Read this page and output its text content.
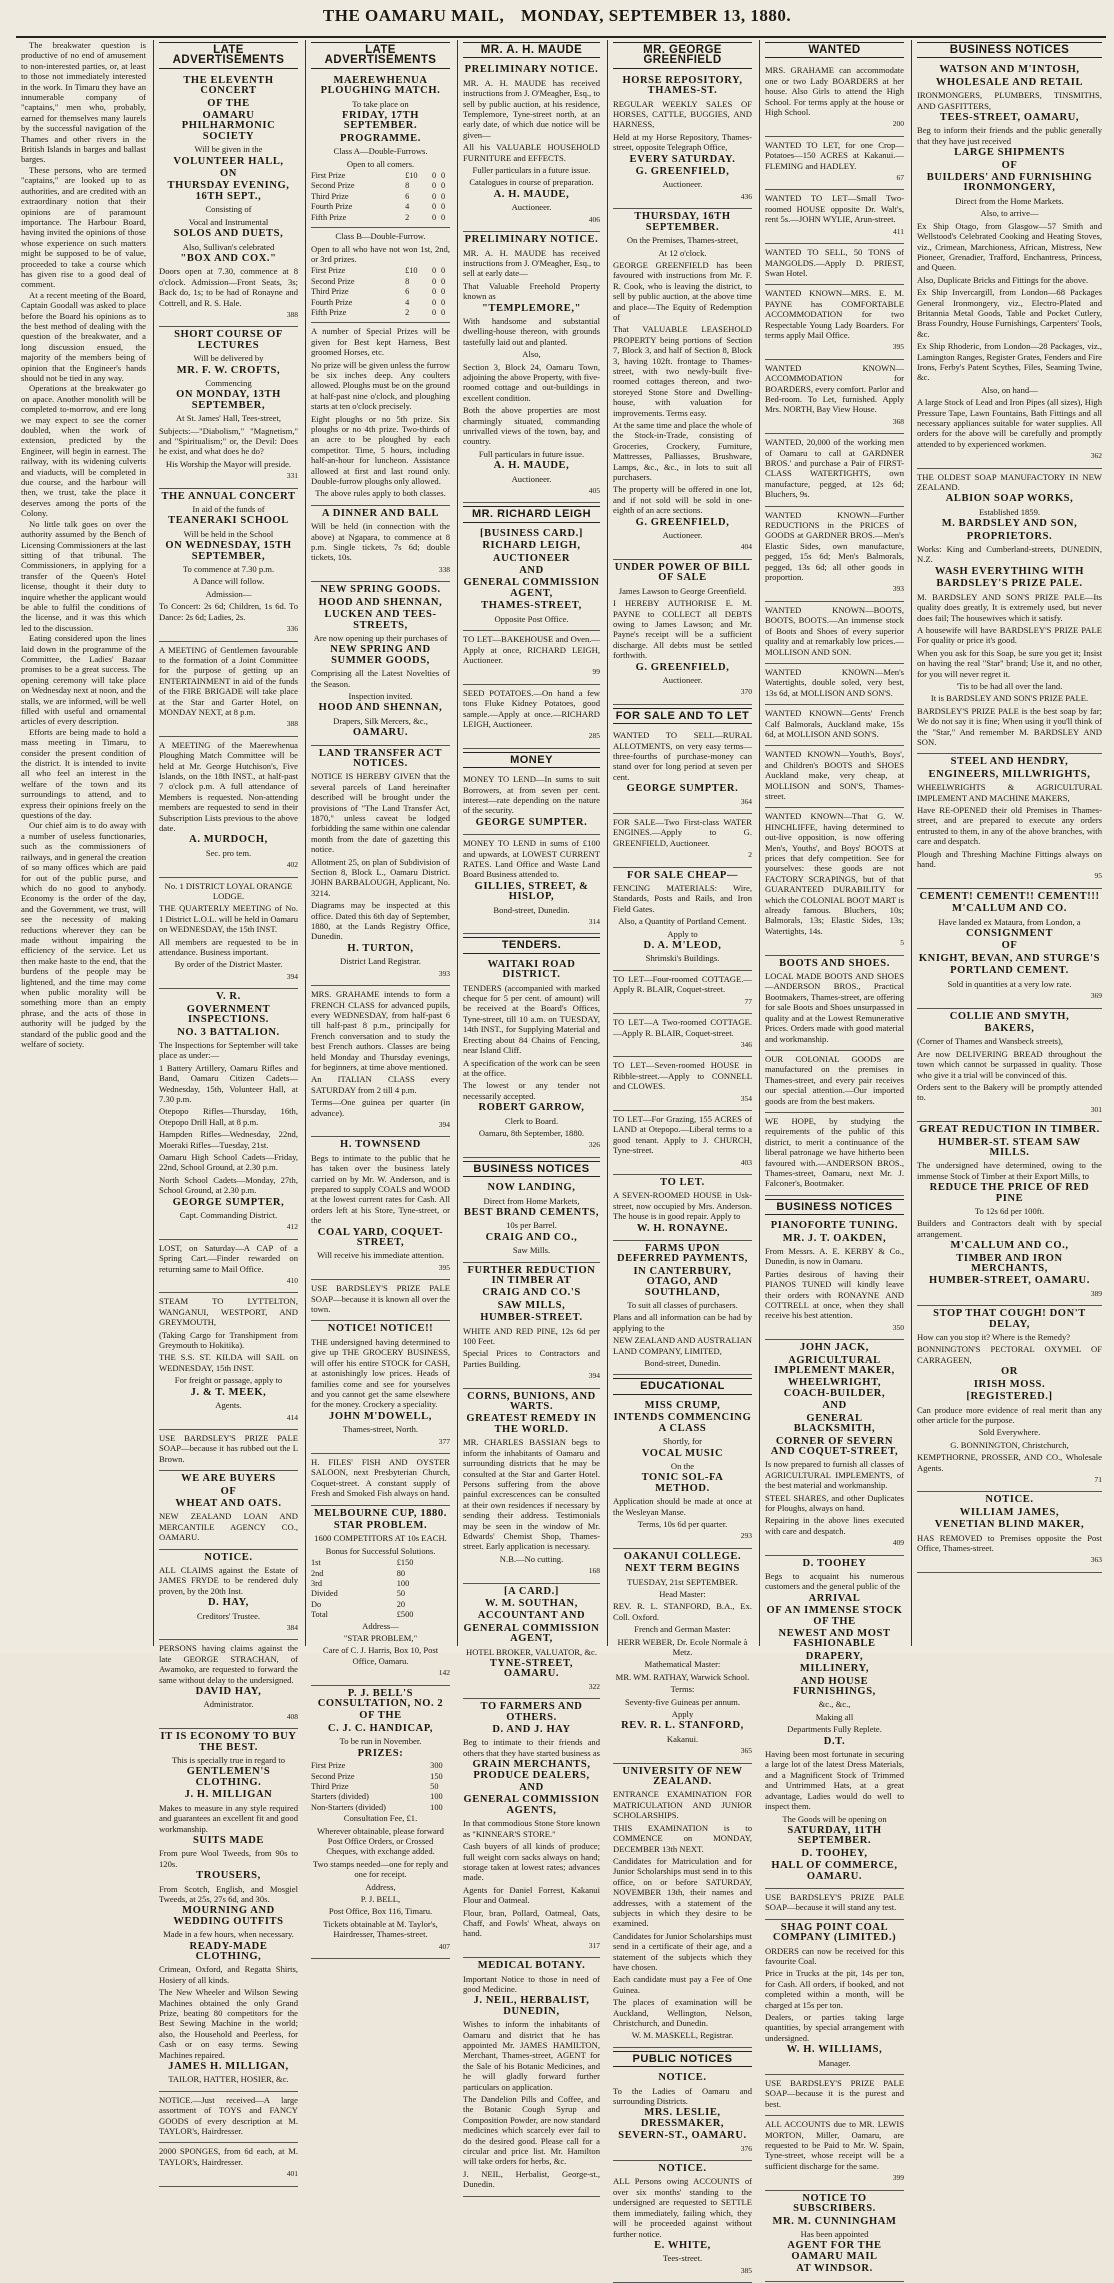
THE OAMARU MAIL, MONDAY, SEPTEMBER 13, 1880.

The breakwater question is productive of no end of amusement to non-interested parties, or, at least to those not immediately interested in the work. In Timaru they have an innumerable company of "captains," men who, probably, earned for themselves many laurels by the successful navigation of the Thames and other rivers in the British Islands in barges and ballast barges.

These persons, who are termed "captains," are looked up to as authorities, and are credited with an extraordinary notion that their opinions are of paramount importance. The Harbour Board, having invited the opinions of those whose experience on such matters might be supposed to be of value, proceeded to take a course which has given rise to a good deal of comment.

At a recent meeting of the Board, Captain Goodall was asked to place before the Board his opinions as to the best method of dealing with the question of the breakwater, and a long discussion ensued, the majority of the members being of opinion that the Engineer's hands should not be tied in any way.

Operations at the breakwater go on apace. Another monolith will be completed to-morrow, and ere long we may expect to see the corner doubled, when the work of extension, predicted by the Engineer, will begin in earnest. The railway, with its widening culverts and viaducts, will be completed in due course, and the harbour will then, we trust, take the place it deserves among the ports of the Colony.

No little talk goes on over the authority assumed by the Bench of Licensing Commissioners at the last sitting of that tribunal. The Commissioners, in applying for a transfer of the Queen's Hotel license, thought it their duty to inquire whether the applicant would be able to fulfil the conditions of the license, and it was this which led to the discussion.

Eating considered upon the lines laid down in the programme of the Committee, the Ladies' Bazaar promises to be a great success. The opening ceremony will take place on Wednesday next at noon, and the stalls, we are informed, will be well filled with useful and ornamental articles of every description.

Efforts are being made to hold a mass meeting in Timaru, to consider the present condition of the district. It is intended to invite all who feel an interest in the welfare of the town and its surroundings to attend, and to express their opinions freely on the questions of the day.

Our chief aim is to do away with a number of useless functionaries, such as the commissioners of railways, and in general the creation of so many offices which are paid for out of the public purse, and which do no good to anybody. Economy is the order of the day, and the Government, we trust, will see the necessity of making reductions wherever they can be made without impairing the efficiency of the service. Let us then make haste to the end, that the burdens of the people may be lightened, and the time may come when public morality will be something more than an empty phrase, and the acts of those in authority will be judged by the standard of the public good and the welfare of society.

LATE ADVERTISEMENTS

THE ELEVENTH CONCERT

OF THE

OAMARU PHILHARMONIC SOCIETY

Will be given in the

VOLUNTEER HALL,

ON

THURSDAY EVENING, 16TH SEPT.,

Consisting of

Vocal and Instrumental

SOLOS AND DUETS,

Also, Sullivan's celebrated

"BOX AND COX."

Doors open at 7.30, commence at 8 o'clock. Admission—Front Seats, 3s; Back do, 1s; to be had of Ronayne and Cottrell, and R. S. Hale.

388

SHORT COURSE OF LECTURES

Will be delivered by

MR. F. W. CROFTS,

Commencing

ON MONDAY, 13TH SEPTEMBER,

At St. James' Hall, Tees-street,

Subjects:—"Diabolism," "Magnetism," and "Spiritualism;" or, the Devil: Does he exist, and what does he do?

His Worship the Mayor will preside.

331

THE ANNUAL CONCERT

In aid of the funds of

TEANERAKI SCHOOL

Will be held in the School

ON WEDNESDAY, 15TH SEPTEMBER,

To commence at 7.30 p.m.

A Dance will follow.

Admission—

To Concert: 2s 6d; Children, 1s 6d. To Dance: 2s 6d; Ladies, 2s.

336

A MEETING of Gentlemen favourable to the formation of a Joint Committee for the purpose of getting up an ENTERTAINMENT in aid of the funds of the FIRE BRIGADE will take place at the Star and Garter Hotel, on MONDAY NEXT, at 8 p.m.

388

A MEETING of the Maerewhenua Ploughing Match Committee will be held at Mr. George Hutchison's, Five Islands, on the 18th INST., at half-past 7 o'clock p.m. A full attendance of Members is requested. Non-attending members are requested to send in their Subscription Lists previous to the above date.

A. MURDOCH,

Sec. pro tem.

402

No. 1 DISTRICT LOYAL ORANGE LODGE.

THE QUARTERLY MEETING of No. 1 District L.O.L. will be held in Oamaru on WEDNESDAY, the 15th INST.

All members are requested to be in attendance. Business important.

By order of the District Master.

394

V. R.

GOVERNMENT INSPECTIONS.

NO. 3 BATTALION.

The Inspections for September will take place as under:—

1 Battery Artillery, Oamaru Rifles and Band, Oamaru Citizen Cadets—Wednesday, 15th, Volunteer Hall, at 7.30 p.m.

Otepopo Rifles—Thursday, 16th, Otepopo Drill Hall, at 8 p.m.

Hampden Rifles—Wednesday, 22nd, Moeraki Rifles—Tuesday, 21st.

Oamaru High School Cadets—Friday, 22nd, School Ground, at 2.30 p.m.

North School Cadets—Monday, 27th, School Ground, at 2.30 p.m.

GEORGE SUMPTER,

Capt. Commanding District.

412

LOST, on Saturday—A CAP of a Spring Cart.—Finder rewarded on returning same to Mail Office.

410

STEAM TO LYTTELTON, WANGANUI, WESTPORT, AND GREYMOUTH,

(Taking Cargo for Transhipment from Greymouth to Hokitika).

THE S.S. ST. KILDA will SAIL on WEDNESDAY, 15th INST.

For freight or passage, apply to

J. & T. MEEK,

Agents.

414

USE BARDSLEY'S PRIZE PALE SOAP—because it has rubbed out the L Brown.

WE ARE BUYERS

OF

WHEAT AND OATS.

NEW ZEALAND LOAN AND MERCANTILE AGENCY CO., OAMARU.

NOTICE.

ALL CLAIMS against the Estate of JAMES FRYDE to be rendered duly proven, by the 20th Inst.

D. HAY,

Creditors' Trustee.

384

PERSONS having claims against the late GEORGE STRACHAN, of Awamoko, are requested to forward the same without delay to the undersigned.

DAVID HAY,

Administrator.

408

IT IS ECONOMY TO BUY THE BEST.

This is specially true in regard to

GENTLEMEN'S CLOTHING.

J. H. MILLIGAN

Makes to measure in any style required and guarantees an excellent fit and good workmanship.

SUITS MADE

From pure Wool Tweeds, from 90s to 120s.

TROUSERS,

From Scotch, English, and Mosgiel Tweeds, at 25s, 27s 6d, and 30s.

MOURNING AND WEDDING OUTFITS

Made in a few hours, when necessary.

READY-MADE CLOTHING,

Crimean, Oxford, and Regatta Shirts, Hosiery of all kinds.

The New Wheeler and Wilson Sewing Machines obtained the only Grand Prize, beating 80 competitors for the Best Sewing Machine in the world; also, the Household and Peerless, for Cash or on easy terms. Sewing Machines repaired.

JAMES H. MILLIGAN,

TAILOR, HATTER, HOSIER, &c.

NOTICE.—Just received—A large assortment of TOYS and FANCY GOODS of every description at M. TAYLOR's, Hairdresser.

2000 SPONGES, from 6d each, at M. TAYLOR's, Hairdresser.

401

LATE ADVERTISEMENTS

MAEREWHENUA PLOUGHING MATCH.

To take place on

FRIDAY, 17TH SEPTEMBER.

PROGRAMME.

Class A—Double-Furrows.

Open to all comers.

First Prize	£10	0	0
Second Prize	8	0	0
Third Prize	6	0	0
Fourth Prize	4	0	0
Fifth Prize	2	0	0

Class B—Double-Furrow.

Open to all who have not won 1st, 2nd, or 3rd prizes.

First Prize	£10	0	0
Second Prize	8	0	0
Third Prize	6	0	0
Fourth Prize	4	0	0
Fifth Prize	2	0	0

A number of Special Prizes will be given for Best kept Harness, Best groomed Horses, etc.

No prize will be given unless the furrow be six inches deep. Any coulters allowed. Ploughs must be on the ground at half-past nine o'clock, and ploughing starts at ten o'clock precisely.

Eight ploughs or no 5th prize. Six ploughs or no 4th prize. Two-thirds of an acre to be ploughed by each competitor. Time, 5 hours, including half-an-hour for luncheon. Assistance allowed at first and last round only. Double-furrow ploughs only allowed.

The above rules apply to both classes.

A DINNER AND BALL

Will be held (in connection with the above) at Ngapara, to commence at 8 p.m. Single tickets, 7s 6d; double tickets, 10s.

338

NEW SPRING GOODS.

HOOD AND SHENNAN,

LUCKEN AND TEES-STREETS,

Are now opening up their purchases of

NEW SPRING AND SUMMER GOODS,

Comprising all the Latest Novelties of the Season.

Inspection invited.

HOOD AND SHENNAN,

Drapers, Silk Mercers, &c.,

OAMARU.

LAND TRANSFER ACT NOTICES.

NOTICE IS HEREBY GIVEN that the several parcels of Land hereinafter described will be brought under the provisions of "The Land Transfer Act, 1870," unless caveat be lodged forbidding the same within one calendar month from the date of gazetting this notice.

Allotment 25, on plan of Subdivision of Section 8, Block L., Oamaru District. JOHN BARBALOUGH, Applicant, No. 3214.

Diagrams may be inspected at this office. Dated this 6th day of September, 1880, at the Lands Registry Office, Dunedin.

H. TURTON,

District Land Registrar.

393

MRS. GRAHAME intends to form a FRENCH CLASS for advanced pupils, every WEDNESDAY, from half-past 6 till half-past 8 p.m., principally for French conversation and to study the best French authors. Classes are being held Monday and Thursday evenings, for beginners, at time above mentioned.

An ITALIAN CLASS every SATURDAY from 2 till 4 p.m.

Terms—One guinea per quarter (in advance).

394

H. TOWNSEND

Begs to intimate to the public that he has taken over the business lately carried on by Mr. W. Anderson, and is prepared to supply COALS and WOOD at the lowest current rates for Cash. All orders left at his Store, Tyne-street, or the

COAL YARD, COQUET-STREET,

Will receive his immediate attention.

395

USE BARDSLEY'S PRIZE PALE SOAP—because it is known all over the town.

NOTICE! NOTICE!!

THE undersigned having determined to give up THE GROCERY BUSINESS, will offer his entire STOCK for CASH, at astonishingly low prices. Heads of families come and see for yourselves and you cannot get the same elsewhere for the money. Crockery a speciality.

JOHN M'DOWELL,

Thames-street, North.

377

H. FILES' FISH AND OYSTER SALOON, next Presbyterian Church, Coquet-street. A constant supply of Fresh and Smoked Fish always on hand.

MELBOURNE CUP, 1880.

STAR PROBLEM.

1600 COMPETITORS AT 10s EACH.

Bonus for Successful Solutions.

1st		£150	
2nd		80	
3rd		100	
Divided		50	
Do		20	
Total		£500	

Address—

"STAR PROBLEM,"

Care of C. J. Harris, Box 10, Post Office, Oamaru.

142

P. J. BELL'S CONSULTATION, NO. 2

OF THE

C. J. C. HANDICAP,

To be run in November.

PRIZES:

First Prize		300	
Second Prize		150	
Third Prize		50	
Starters (divided)		100	
Non-Starters (divided)		100	

Consultation Fee, £1.

Wherever obtainable, please forward Post Office Orders, or Crossed Cheques, with exchange added.

Two stamps needed—one for reply and one for receipt.

Address,

P. J. BELL,

Post Office, Box 116, Timaru.

Tickets obtainable at M. Taylor's, Hairdresser, Thames-street.

407

MR. A. H. MAUDE

PRELIMINARY NOTICE.

MR. A. H. MAUDE has received instructions from J. O'Meagher, Esq., to sell by public auction, at his residence, Templemore, Tyne-street north, at an early date, of which due notice will be given—

All his VALUABLE HOUSEHOLD FURNITURE and EFFECTS.

Fuller particulars in a future issue.

Catalogues in course of preparation.

A. H. MAUDE,

Auctioneer.

406

PRELIMINARY NOTICE.

MR. A. H. MAUDE has received instructions from J. O'Meagher, Esq., to sell at early date—

That Valuable Freehold Property known as

"TEMPLEMORE,"

With handsome and substantial dwelling-house thereon, with grounds tastefully laid out and planted.

Also,

Section 3, Block 24, Oamaru Town, adjoining the above Property, with five-roomed cottage and out-buildings in excellent condition.

Both the above properties are most charmingly situated, commanding unrivalled views of the town, bay, and country.

Full particulars in future issue.

A. H. MAUDE,

Auctioneer.

405

MR. RICHARD LEIGH

[BUSINESS CARD.]

RICHARD LEIGH,

AUCTIONEER

AND

GENERAL COMMISSION AGENT,

THAMES-STREET,

Opposite Post Office.

TO LET—BAKEHOUSE and Oven.—Apply at once, RICHARD LEIGH, Auctioneer.

99

SEED POTATOES.—On hand a few tons Fluke Kidney Potatoes, good sample.—Apply at once.—RICHARD LEIGH, Auctioneer.

285

MONEY

MONEY TO LEND—In sums to suit Borrowers, at from seven per cent. interest—rate depending on the nature of the security.

GEORGE SUMPTER.

MONEY TO LEND in sums of £100 and upwards, at LOWEST CURRENT RATES. Land Office and Waste Land Board Business attended to.

GILLIES, STREET, & HISLOP,

Bond-street, Dunedin.

314

TENDERS.

WAITAKI ROAD DISTRICT.

TENDERS (accompanied with marked cheque for 5 per cent. of amount) will be received at the Board's Offices, Tyne-street, till 10 a.m. on TUESDAY, 14th INST., for Supplying Material and Erecting about 84 Chains of Fencing, near Island Cliff.

A specification of the work can be seen at the office.

The lowest or any tender not necessarily accepted.

ROBERT GARROW,

Clerk to Board.

Oamaru, 8th September, 1880.

326

BUSINESS NOTICES

NOW LANDING,

Direct from Home Markets,

BEST BRAND CEMENTS,

10s per Barrel.

CRAIG AND CO.,

Saw Mills.

FURTHER REDUCTION IN TIMBER AT

CRAIG AND CO.'S

SAW MILLS,

HUMBER-STREET.

WHITE AND RED PINE, 12s 6d per 100 Feet.

Special Prices to Contractors and Parties Building.

394

CORNS, BUNIONS, AND WARTS.

GREATEST REMEDY IN THE WORLD.

MR. CHARLES BASSIAN begs to inform the inhabitants of Oamaru and surrounding districts that he may be consulted at the Star and Garter Hotel. Persons suffering from the above painful excrescences can be consulted at their own residences if necessary by sending their address. Testimonials may be seen in the window of Mr. Edwards' Chemist Shop, Thames-street. Early application is necessary.

N.B.—No cutting.

168

[A CARD.]

W. M. SOUTHAN,

ACCOUNTANT AND

GENERAL COMMISSION AGENT,

HOTEL BROKER, VALUATOR, &c.

TYNE-STREET, OAMARU.

322

TO FARMERS AND OTHERS.

D. AND J. HAY

Beg to intimate to their friends and others that they have started business as

GRAIN MERCHANTS, PRODUCE DEALERS,

AND

GENERAL COMMISSION AGENTS,

In that commodious Stone Store known as "KINNEAR'S STORE."

Cash buyers of all kinds of produce; full weight corn sacks always on hand; storage taken at lowest rates; advances made.

Agents for Daniel Forrest, Kakanui Flour and Oatmeal.

Flour, bran, Pollard, Oatmeal, Oats, Chaff, and Fowls' Wheat, always on hand.

317

MEDICAL BOTANY.

Important Notice to those in need of good Medicine.

J. NEIL, HERBALIST, DUNEDIN,

Wishes to inform the inhabitants of Oamaru and district that he has appointed Mr. JAMES HAMILTON, Merchant, Thames-street, AGENT for the Sale of his Botanic Medicines, and he will gladly forward further particulars on application.

The Dandelion Pills and Coffee, and the Botanic Cough Syrup and Composition Powder, are now standard medicines which scarcely ever fail to do the desired good. Please call for a circular and price list. Mr. Hamilton will take orders for herbs, &c.

J. NEIL, Herbalist, George-st., Dunedin.

MR. GEORGE GREENFIELD

HORSE REPOSITORY, THAMES-ST.

REGULAR WEEKLY SALES OF HORSES, CATTLE, BUGGIES, AND HARNESS,

Held at my Horse Repository, Thames-street, opposite Telegraph Office,

EVERY SATURDAY.

G. GREENFIELD,

Auctioneer.

436

THURSDAY, 16TH SEPTEMBER.

On the Premises, Thames-street,

At 12 o'clock.

GEORGE GREENFIELD has been favoured with instructions from Mr. F. R. Cook, who is leaving the district, to sell by public auction, at the above time and place—The Equity of Redemption of

That VALUABLE LEASEHOLD PROPERTY being portions of Section 7, Block 3, and half of Section 8, Block 3, having 102ft. frontage to Thames-street, with two newly-built five-roomed cottages thereon, and two-storeyed Stone Store and Dwelling-house, with valuation for improvements. Terms easy.

At the same time and place the whole of the Stock-in-Trade, consisting of Groceries, Crockery, Furniture, Mattresses, Palliasses, Brushware, Lamps, &c., &c., in lots to suit all purchasers.

The property will be offered in one lot, and if not sold will be sold in one-eighth of an acre sections.

G. GREENFIELD,

Auctioneer.

404

UNDER POWER OF BILL OF SALE

James Lawson to George Greenfield.

I HEREBY AUTHORISE E. M. PAYNE to COLLECT all DEBTS owing to James Lawson; and Mr. Payne's receipt will be a sufficient discharge. All debts must be settled forthwith.

G. GREENFIELD,

Auctioneer.

370

FOR SALE AND TO LET

WANTED TO SELL—RURAL ALLOTMENTS, on very easy terms—three-fourths of purchase-money can stand over for long period at seven per cent.

GEORGE SUMPTER.

364

FOR SALE—Two First-class WATER ENGINES.—Apply to G. GREENFIELD, Auctioneer.

2

FOR SALE CHEAP—

FENCING MATERIALS: Wire, Standards, Posts and Rails, and Iron Field Gates.

Also, a Quantity of Portland Cement.

Apply to

D. A. M'LEOD,

Shrimski's Buildings.

TO LET—Four-roomed COTTAGE.—Apply R. BLAIR, Coquet-street.

77

TO LET—A Two-roomed COTTAGE.—Apply R. BLAIR, Coquet-street.

346

TO LET—Seven-roomed HOUSE in Ribble-street.—Apply to CONNELL and CLOWES.

354

TO LET—For Grazing, 155 ACRES of LAND at Otepopo.—Liberal terms to a good tenant. Apply to J. CHURCH, Tyne-street.

403

TO LET.

A SEVEN-ROOMED HOUSE in Usk-street, now occupied by Mrs. Anderson. The house is in good repair. Apply to

W. H. RONAYNE.

FARMS UPON DEFERRED PAYMENTS,

IN CANTERBURY, OTAGO, AND SOUTHLAND,

To suit all classes of purchasers.

Plans and all information can be had by applying to the

NEW ZEALAND AND AUSTRALIAN LAND COMPANY, LIMITED,

Bond-street, Dunedin.

EDUCATIONAL

MISS CRUMP,

INTENDS COMMENCING A CLASS

Shortly, for

VOCAL MUSIC

On the

TONIC SOL-FA METHOD.

Application should be made at once at the Wesleyan Manse.

Terms, 10s 6d per quarter.

293

OAKANUI COLLEGE.

NEXT TERM BEGINS

TUESDAY, 21st SEPTEMBER.

Head Master:

REV. R. L. STANFORD, B.A., Ex. Coll. Oxford.

French and German Master:

HERR WEBER, Dr. Ecole Normale à Metz.

Mathematical Master:

MR. WM. RATHAY, Warwick School.

Terms:

Seventy-five Guineas per annum.

Apply

REV. R. L. STANFORD,

Kakanui.

365

UNIVERSITY OF NEW ZEALAND.

ENTRANCE EXAMINATION FOR MATRICULATION AND JUNIOR SCHOLARSHIPS.

THIS EXAMINATION is to COMMENCE on MONDAY, DECEMBER 13th NEXT.

Candidates for Matriculation and for Junior Scholarships must send in to this office, on or before SATURDAY, NOVEMBER 13th, their names and addresses, with a statement of the subjects in which they desire to be examined.

Candidates for Junior Scholarships must send in a certificate of their age, and a statement of the subjects which they have chosen.

Each candidate must pay a Fee of One Guinea.

The places of examination will be Auckland, Wellington, Nelson, Christchurch, and Dunedin.

W. M. MASKELL, Registrar.

PUBLIC NOTICES

NOTICE.

To the Ladies of Oamaru and surrounding Districts.

MRS. LESLIE, DRESSMAKER,

SEVERN-ST., OAMARU.

376

NOTICE.

ALL Persons owing ACCOUNTS of over six months' standing to the undersigned are requested to SETTLE them immediately, failing which, they will be proceeded against without further notice.

E. WHITE,

Tees-street.

385

WANTED

MRS. GRAHAME can accommodate one or two Lady BOARDERS at her house. Also Girls to attend the High School. For terms apply at the house or High School.

200

WANTED TO LET, for one Crop—Potatoes—150 ACRES at Kakanui.—FLEMING and HADLEY.

67

WANTED TO LET—Small Two-roomed HOUSE opposite Dr. Walt's, rent 5s.—JOHN WYLIE, Arun-street.

411

WANTED TO SELL, 50 TONS of MANGOLDS.—Apply D. PRIEST, Swan Hotel.

WANTED KNOWN—MRS. E. M. PAYNE has COMFORTABLE ACCOMMODATION for two Respectable Young Lady Boarders. For terms apply Mail Office.

395

WANTED KNOWN—ACCOMMODATION for BOARDERS, every comfort. Parlor and Bed-room. To Let, furnished. Apply Mrs. NORTH, Bay View House.

368

WANTED, 20,000 of the working men of Oamaru to call at GARDNER BROS.' and purchase a Pair of FIRST-CLASS WATERTIGHTS, own manufacture, pegged, at 12s 6d; Bluchers, 9s.

WANTED KNOWN—Further REDUCTIONS in the PRICES of GOODS at GARDNER BROS.—Men's Elastic Sides, own manufacture, pegged, 15s 6d; Men's Balmorals, pegged, 13s 6d; all other goods in proportion.

393

WANTED KNOWN—BOOTS, BOOTS, BOOTS.—An immense stock of Boots and Shoes of every superior quality and at remarkably low prices.—MOLLISON AND SON.

WANTED KNOWN—Men's Watertights, double soled, very best, 13s 6d, at MOLLISON AND SON'S.

WANTED KNOWN—Gents' French Calf Balmorals, Auckland make, 15s 6d, at MOLLISON AND SON'S.

WANTED KNOWN—Youth's, Boys', and Children's BOOTS and SHOES Auckland make, very cheap, at MOLLISON and SON'S, Thames-street.

WANTED KNOWN—That G. W. HINCHLIFFE, having determined to out-live opposition, is now offering Men's, Youths', and Boys' BOOTS at prices that defy competition. See for yourselves: these goods are not FACTORY SCRAPINGS, but of that GUARANTEED DURABILITY for which the COLONIAL BOOT MART is already famous. Bluchers, 10s; Balmorals, 13s; Elastic Sides, 13s; Watertights, 14s.

5

BOOTS AND SHOES.

LOCAL MADE BOOTS AND SHOES—ANDERSON BROS., Practical Bootmakers, Thames-street, are offering for sale Boots and Shoes unsurpassed in quality and at the Lowest Remunerative Prices. Orders made with good material and workmanship.

OUR COLONIAL GOODS are manufactured on the premises in Thames-street, and every pair receives our special attention.—Our imported goods are from the best makers.

WE HOPE, by studying the requirements of the public of this district, to merit a continuance of the liberal patronage we have hitherto been favoured with.—ANDERSON BROS., Thames-street, Oamaru, next Mr. J. Falconer's, Bootmaker.

BUSINESS NOTICES

PIANOFORTE TUNING.

MR. J. T. OAKDEN,

From Messrs. A. E. KERBY & Co., Dunedin, is now in Oamaru.

Parties desirous of having their PIANOS TUNED will kindly leave their orders with RONAYNE AND COTTRELL at once, when they shall receive his best attention.

350

JOHN JACK,

AGRICULTURAL IMPLEMENT MAKER,

WHEELWRIGHT, COACH-BUILDER,

AND

GENERAL BLACKSMITH,

CORNER OF SEVERN AND COQUET-STREET,

Is now prepared to furnish all classes of AGRICULTURAL IMPLEMENTS, of the best material and workmanship.

STEEL SHARES, and other Duplicates for Ploughs, always on hand.

Repairing in the above lines executed with care and despatch.

409

D. TOOHEY

Begs to acquaint his numerous customers and the general public of the

ARRIVAL

OF AN IMMENSE STOCK OF THE

NEWEST AND MOST FASHIONABLE

DRAPERY,

MILLINERY,

AND HOUSE FURNISHINGS,

&c., &c.,

Making all

Departments Fully Replete.

D.T.

Having been most fortunate in securing a large lot of the latest Dress Materials, and a Magnificent Stock of Trimmed and Untrimmed Hats, at a great advantage, Ladies would do well to inspect them.

The Goods will be opening on

SATURDAY, 11TH SEPTEMBER.

D. TOOHEY,

HALL OF COMMERCE, OAMARU.

USE BARDSLEY'S PRIZE PALE SOAP—because it will stand any test.

SHAG POINT COAL COMPANY (LIMITED.)

ORDERS can now be received for this favourite Coal.

Price in Trucks at the pit, 14s per ton, for Cash. All orders, if booked, and not completed within a month, will be charged at 15s per ton.

Dealers, or parties taking large quantities, by special arrangement with undersigned.

W. H. WILLIAMS,

Manager.

USE BARDSLEY'S PRIZE PALE SOAP—because it is the purest and best.

ALL ACCOUNTS due to MR. LEWIS MORTON, Miller, Oamaru, are requested to be Paid to Mr. W. Spain, Tyne-street, whose receipt will be a sufficient discharge for the same.

399

NOTICE TO SUBSCRIBERS.

MR. M. CUNNINGHAM

Has been appointed

AGENT FOR THE OAMARU MAIL

AT WINDSOR.

BUSINESS NOTICES

WATSON AND M'INTOSH,

WHOLESALE AND RETAIL

IRONMONGERS, PLUMBERS, TINSMITHS, AND GASFITTERS,

TEES-STREET, OAMARU,

Beg to inform their friends and the public generally that they have just received

LARGE SHIPMENTS

OF

BUILDERS' AND FURNISHING IRONMONGERY,

Direct from the Home Markets.

Also, to arrive—

Ex Ship Otago, from Glasgow—57 Smith and Wellstood's Celebrated Cooking and Heating Stoves, viz., Crimean, Marchioness, African, Mistress, New Pioneer, Grenadier, Trafford, Enchantress, Princess, and Queen.

Also, Duplicate Bricks and Fittings for the above.

Ex Ship Invercargill, from London—68 Packages General Ironmongery, viz., Electro-Plated and Britannia Metal Goods, Table and Pocket Cutlery, Brass Foundry, House Furnishings, Carpenters' Tools, &c.

Ex Ship Rhoderic, from London—28 Packages, viz., Lamington Ranges, Register Grates, Fenders and Fire Irons, Ferby's Patent Scythes, Files, Seaming Twine, &c.

Also, on hand—

A large Stock of Lead and Iron Pipes (all sizes), High Pressure Tape, Lawn Fountains, Bath Fittings and all necessary appliances suitable for water supplies. All orders for the above will be carefully and promptly attended to by experienced workmen.

362

THE OLDEST SOAP MANUFACTORY IN NEW ZEALAND.

ALBION SOAP WORKS,

Established 1859.

M. BARDSLEY AND SON,

PROPRIETORS.

Works: King and Cumberland-streets, DUNEDIN, N.Z.

WASH EVERYTHING WITH

BARDSLEY'S PRIZE PALE.

M. BARDSLEY AND SON'S PRIZE PALE—Its quality does greatly, It is extremely used, but never does fail; The housewives which it satisfy.

A housewife will have BARDSLEY'S PRIZE PALE For quality or price it's good.

When you ask for this Soap, be sure you get it; Insist on having the real "Star" brand; Use it, and no other, for you will never regret it.

'Tis to be had all over the land.

It is BARDSLEY AND SON'S PRIZE PALE.

BARDSLEY'S PRIZE PALE is the best soap by far; We do not say it is fine; When using it you'll think of the "Star," And remember M. BARDSLEY AND SON.

STEEL AND HENDRY,

ENGINEERS, MILLWRIGHTS,

WHEELWRIGHTS & AGRICULTURAL IMPLEMENT AND MACHINE MAKERS,

Have RE-OPENED their old Premises in Thames-street, and are prepared to execute any orders entrusted to them, in any of the above branches, with care and despatch.

Plough and Threshing Machine Fittings always on hand.

95

CEMENT! CEMENT!! CEMENT!!!

M'CALLUM AND CO.

Have landed ex Mataura, from London, a

CONSIGNMENT

OF

KNIGHT, BEVAN, AND STURGE'S

PORTLAND CEMENT.

Sold in quantities at a very low rate.

369

COLLIE AND SMYTH,

BAKERS,

(Corner of Thames and Wansbeck streets),

Are now DELIVERING BREAD throughout the town which cannot be surpassed in quality. Those who give it a trial will be convinced of this.

Orders sent to the Bakery will be promptly attended to.

301

GREAT REDUCTION IN TIMBER.

HUMBER-ST. STEAM SAW MILLS.

The undersigned have determined, owing to the immense Stock of Timber at their Export Mills, to

REDUCE THE PRICE OF RED PINE

To 12s 6d per 100ft.

Builders and Contractors dealt with by special arrangement.

M'CALLUM AND CO.,

TIMBER AND IRON MERCHANTS,

HUMBER-STREET, OAMARU.

389

STOP THAT COUGH! DON'T DELAY,

How can you stop it? Where is the Remedy?

BONNINGTON'S PECTORAL OXYMEL OF CARRAGEEN,

OR

IRISH MOSS.

[REGISTERED.]

Can produce more evidence of real merit than any other article for the purpose.

Sold Everywhere.

G. BONNINGTON, Christchurch,

KEMPTHORNE, PROSSER, AND CO., Wholesale Agents.

71

NOTICE.

WILLIAM JAMES,

VENETIAN BLIND MAKER,

HAS REMOVED to Premises opposite the Post Office, Thames-street.

363
